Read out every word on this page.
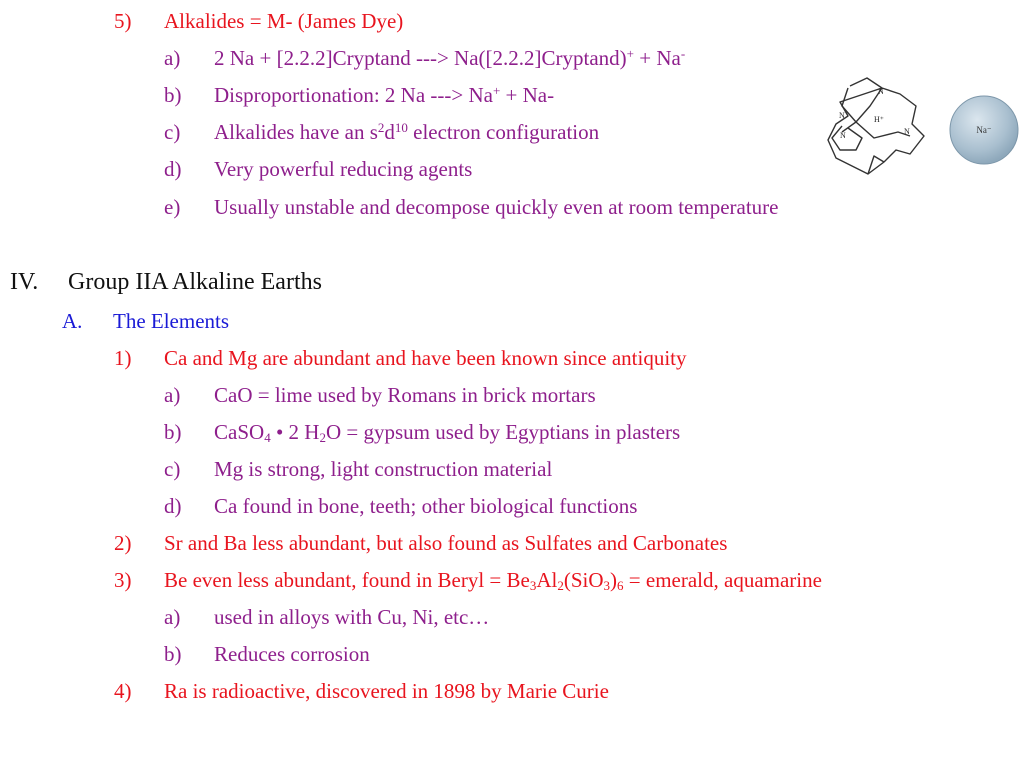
5) Alkalides = M- (James Dye)
a) 2 Na + [2.2.2]Cryptand ---> Na([2.2.2]Cryptand)+ + Na-
b) Disproportionation: 2 Na ---> Na+ + Na-
c) Alkalides have an $s^2d^{10}$ electron configuration
d) Very powerful reducing agents
e) Usually unstable and decompose quickly even at room temperature
IV. Group IIA Alkaline Earths
A. The Elements
1) Ca and Mg are abundant and have been known since antiquity
a) CaO = lime used by Romans in brick mortars
b) CaSO$_4$ • 2 $H_2O$ = gypsum used by Egyptians in plasters
c) Mg is strong, light construction material
d) Ca found in bone, teeth; other biological functions
2) Sr and Ba less abundant, but also found as Sulfates and Carbonates
3) Be even less abundant, found in Beryl = $Be_3Al_2(SiO_3)_6$ = emerald, aquamarine
a) used in alloys with Cu, Ni, etc…
b) Reduces corrosion
4) Ra is radioactive, discovered in 1898 by Marie Curie
N
N
N	N
H⁺
Na⁻
